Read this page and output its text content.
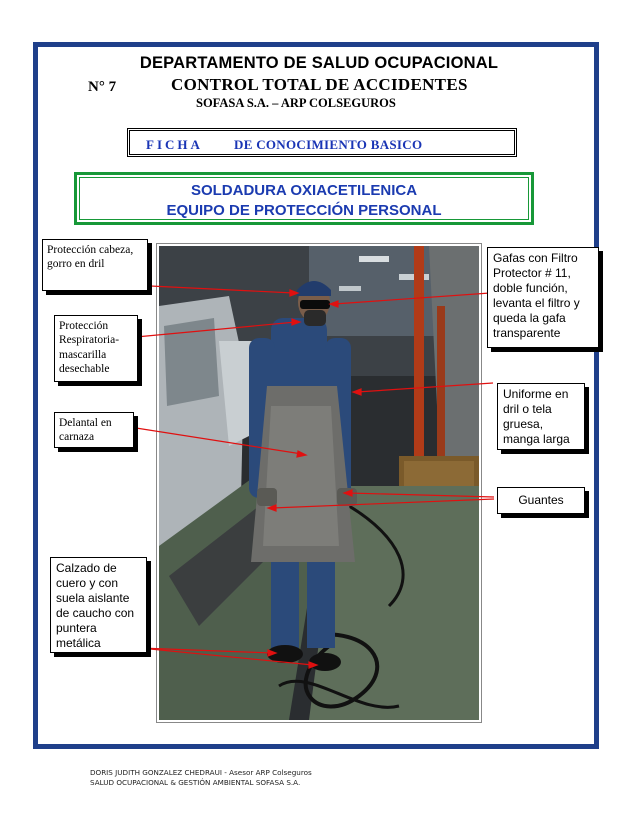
DEPARTAMENTO DE SALUD OCUPACIONAL
N° 7	CONTROL TOTAL DE ACCIDENTES
SOFASA S.A. – ARP COLSEGUROS
FICHA DE CONOCIMIENTO BASICO
SOLDADURA OXIACETILENICA
EQUIPO DE PROTECCIÓN PERSONAL
Protección cabeza, gorro en dril
Protección Respiratoria-mascarilla desechable
Delantal en carnaza
Calzado de cuero y con suela aislante de caucho con puntera metálica
Gafas con Filtro Protector # 11, doble función, levanta el filtro y queda la gafa transparente
Uniforme en dril o tela gruesa, manga larga
Guantes
DORIS JUDITH GONZALEZ CHEDRAUI - Asesor ARP Colseguros
SALUD OCUPACIONAL & GESTIÓN AMBIENTAL SOFASA S.A.
